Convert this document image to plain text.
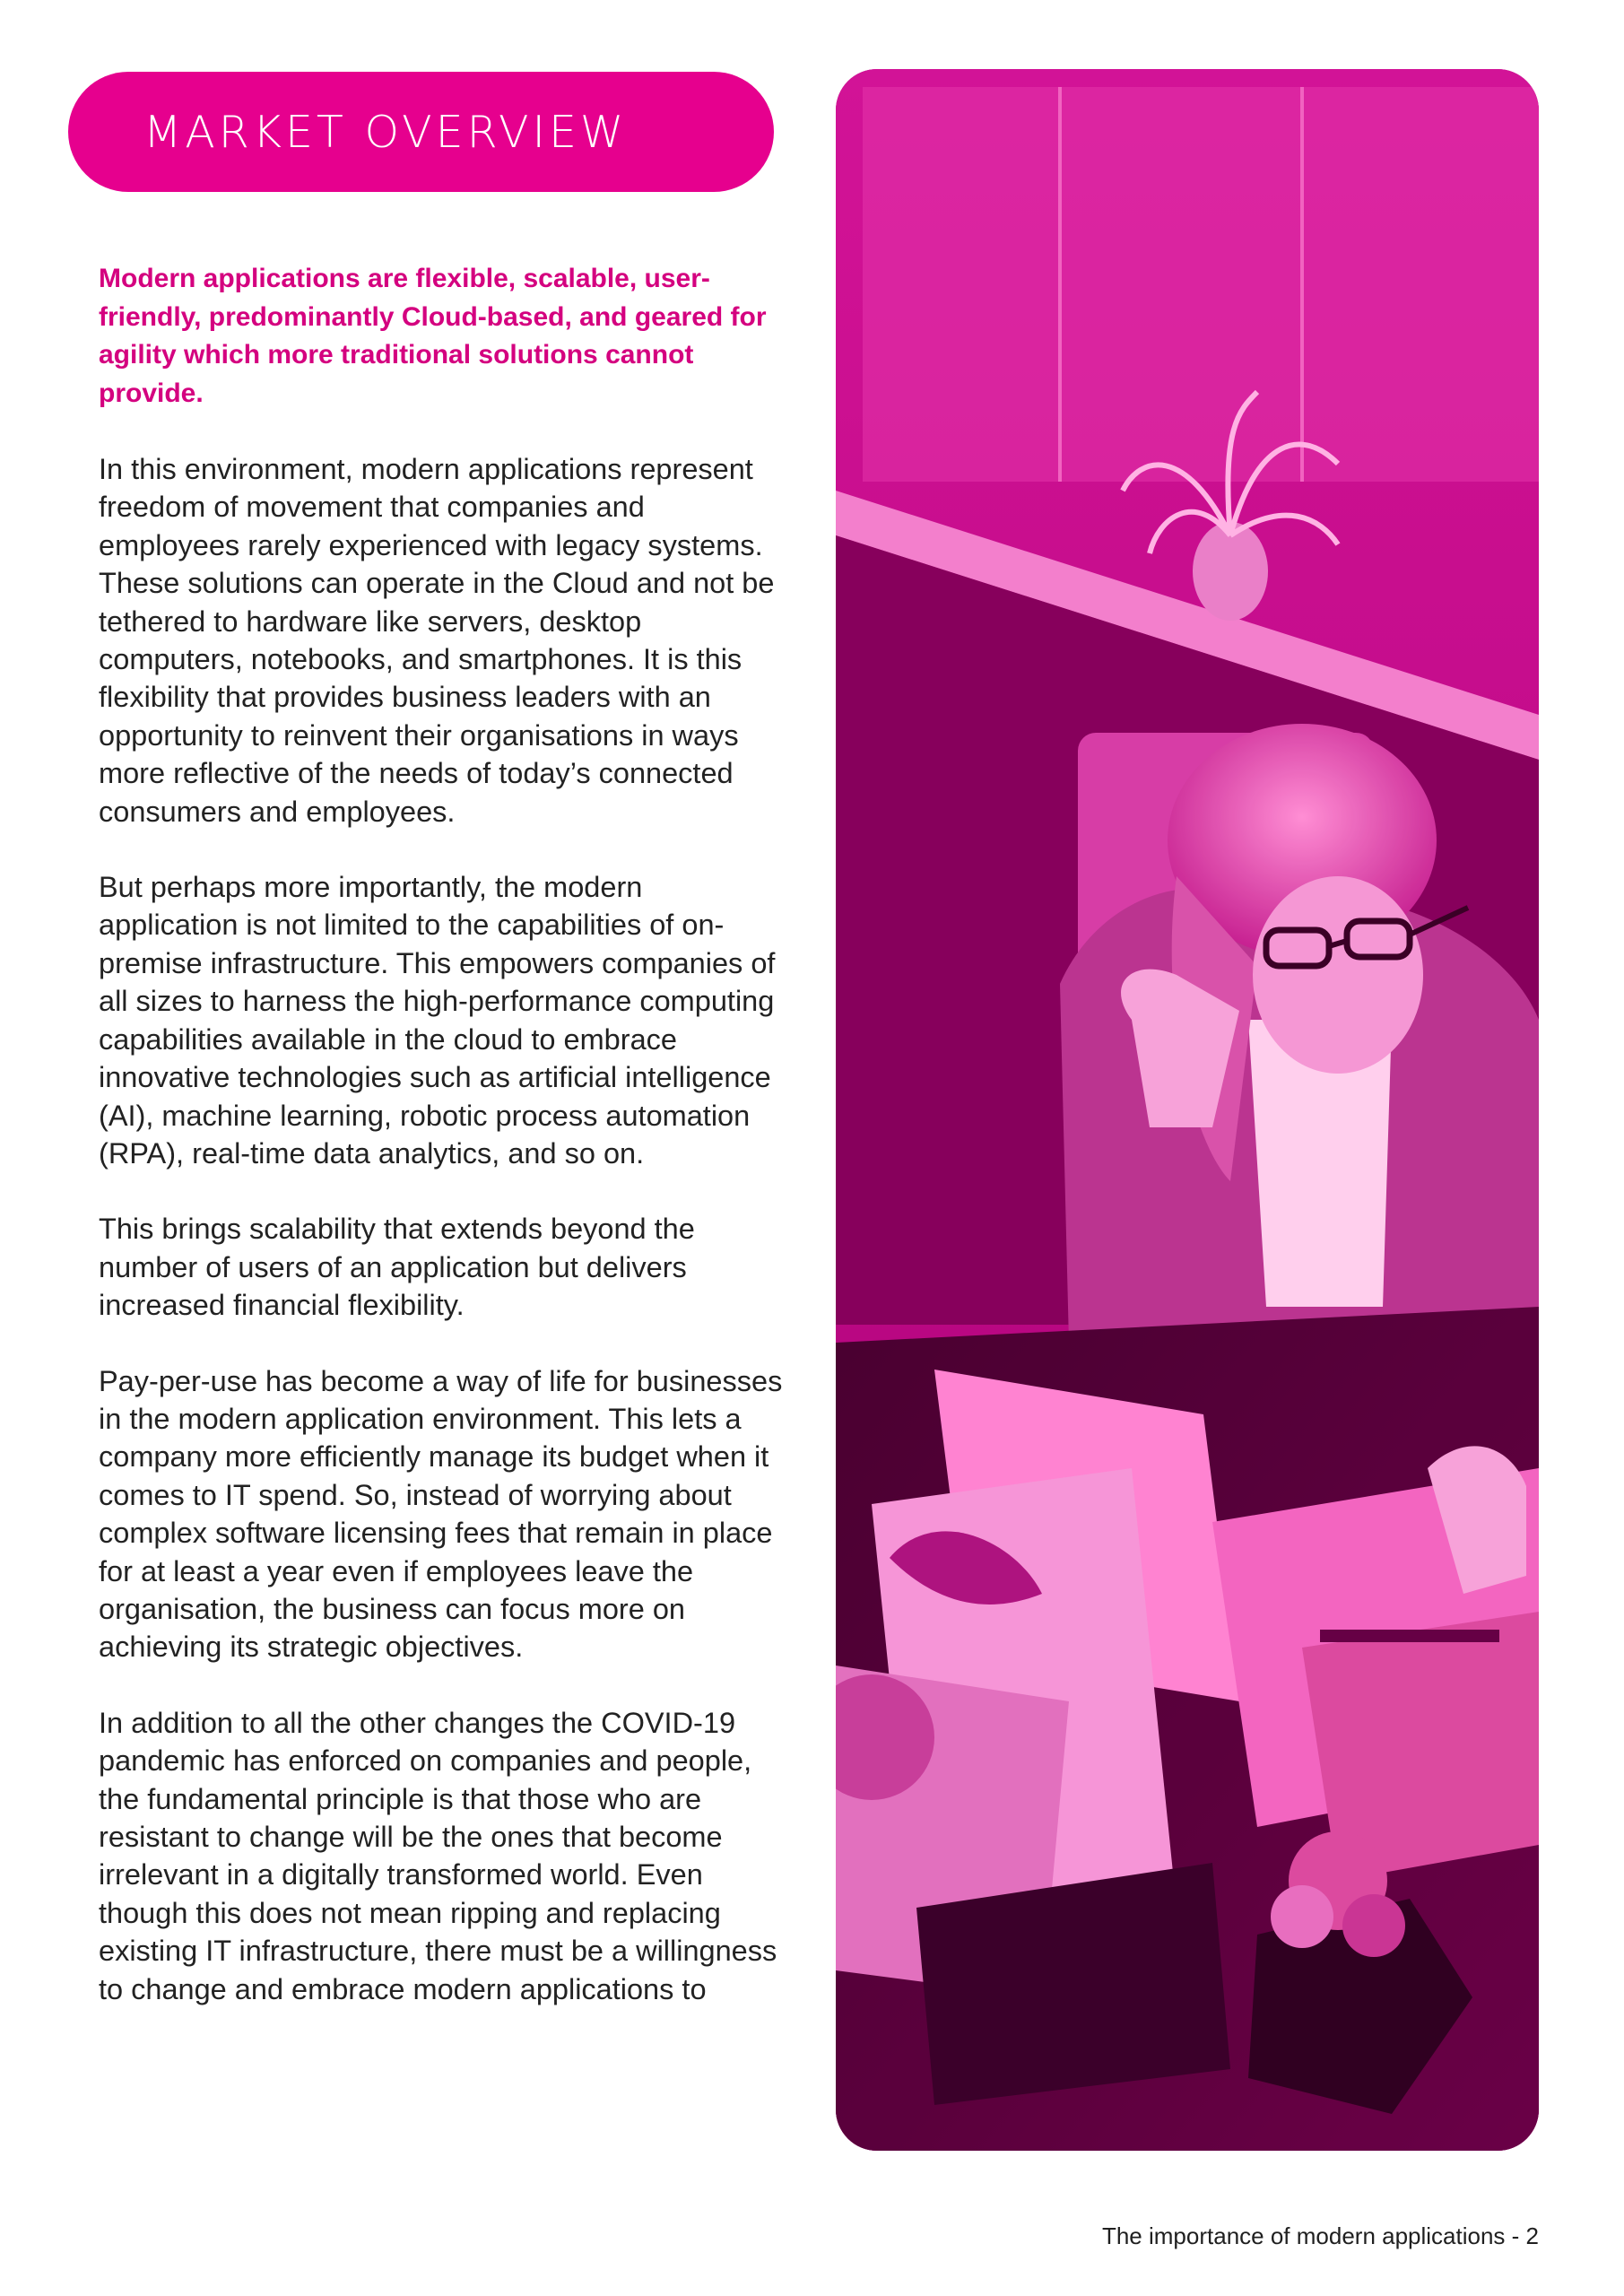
MARKET OVERVIEW

Modern applications are flexible, scalable, user-friendly, predominantly Cloud-based, and geared for agility which more traditional solutions cannot provide.

In this environment, modern applications represent freedom of movement that companies and employees rarely experienced with legacy systems. These solutions can operate in the Cloud and not be tethered to hardware like servers, desktop computers, notebooks, and smartphones. It is this flexibility that provides business leaders with an opportunity to reinvent their organisations in ways more reflective of the needs of today’s connected consumers and employees.

But perhaps more importantly, the modern application is not limited to the capabilities of on-premise infrastructure. This empowers companies of all sizes to harness the high-performance computing capabilities available in the cloud to embrace innovative technologies such as artificial intelligence (AI), machine learning, robotic process automation (RPA), real-time data analytics, and so on.

This brings scalability that extends beyond the number of users of an application but delivers increased financial flexibility.

Pay-per-use has become a way of life for businesses in the modern application environment. This lets a company more efficiently manage its budget when it comes to IT spend. So, instead of worrying about complex software licensing fees that remain in place for at least a year even if employees leave the organisation, the business can focus more on achieving its strategic objectives.

In addition to all the other changes the COVID-19 pandemic has enforced on companies and people, the fundamental principle is that those who are resistant to change will be the ones that become irrelevant in a digitally transformed world. Even though this does not mean ripping and replacing existing IT infrastructure, there must be a willingness to change and embrace modern applications to

The importance of modern applications - 2
